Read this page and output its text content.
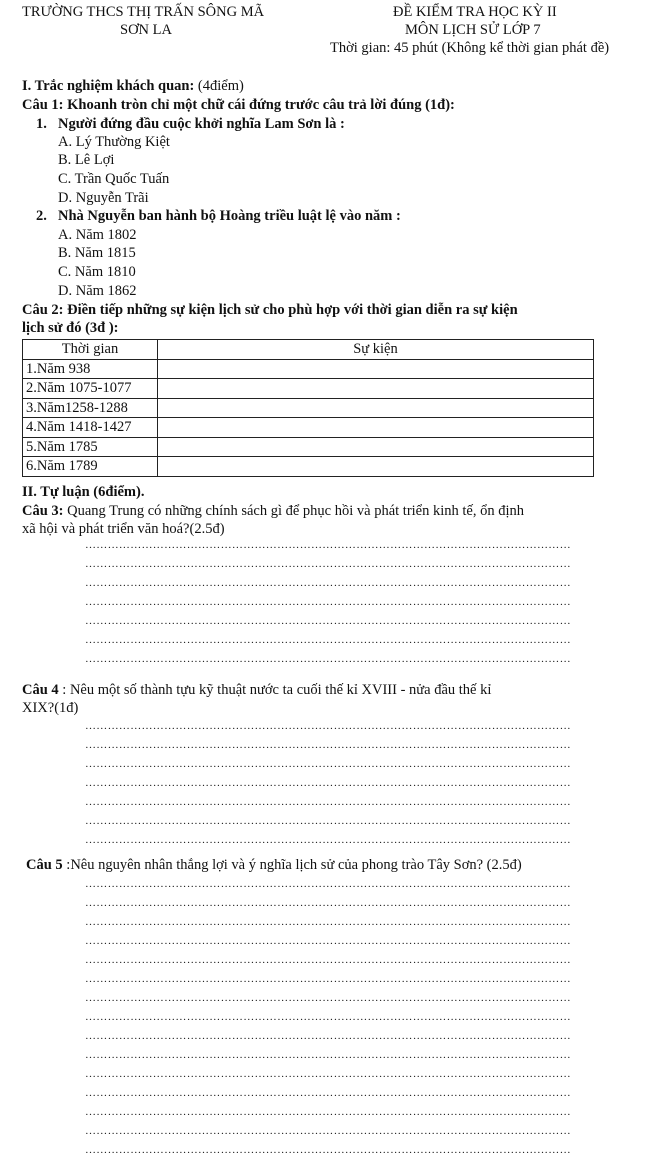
TRƯỜNG THCS THỊ TRẤN SÔNG MÃ
SƠN LA
ĐỀ KIỂM TRA HỌC KỲ II
MÔN LỊCH SỬ LỚP 7
Thời gian: 45 phút (Không kể thời gian phát đề)
I. Trắc nghiệm khách quan: (4điểm)
Câu 1: Khoanh tròn chỉ một chữ cái đứng trước câu trả lời đúng (1đ):
1. Người đứng đầu cuộc khởi nghĩa Lam Sơn là :
A. Lý Thường Kiệt
B. Lê Lợi
C. Trần Quốc Tuấn
D. Nguyễn Trãi
2. Nhà Nguyễn ban hành bộ Hoàng triều luật lệ vào năm :
A. Năm 1802
B. Năm 1815
C. Năm 1810
D. Năm 1862
Câu 2: Điền tiếp những sự kiện lịch sử cho phù hợp với thời gian diễn ra sự kiện
lịch sử đó (3đ ):
Thời gian	Sự kiện
1.Năm 938	
2.Năm 1075-1077	
3.Năm1258-1288	
4.Năm 1418-1427	
5.Năm 1785	
6.Năm 1789	
II. Tự luận (6điểm).
Câu 3: Quang Trung có những chính sách gì để phục hồi và phát triển kinh tế, ổn định
xã hội và phát triển văn hoá?(2.5đ)
…………………………………………………………………………………………………………………
…………………………………………………………………………………………………………………
…………………………………………………………………………………………………………………
…………………………………………………………………………………………………………………
…………………………………………………………………………………………………………………
…………………………………………………………………………………………………………………
…………………………………………………………………………………………………………………
Câu 4 : Nêu một số thành tựu kỹ thuật nước ta cuối thế kỉ XVIII - nửa đầu thế kỉ
XIX?(1đ)
…………………………………………………………………………………………………………………
…………………………………………………………………………………………………………………
…………………………………………………………………………………………………………………
…………………………………………………………………………………………………………………
…………………………………………………………………………………………………………………
…………………………………………………………………………………………………………………
…………………………………………………………………………………………………………………
Câu 5 :Nêu nguyên nhân thắng lợi và ý nghĩa lịch sử của phong trào Tây Sơn? (2.5đ)
…………………………………………………………………………………………………………………
…………………………………………………………………………………………………………………
…………………………………………………………………………………………………………………
…………………………………………………………………………………………………………………
…………………………………………………………………………………………………………………
…………………………………………………………………………………………………………………
…………………………………………………………………………………………………………………
…………………………………………………………………………………………………………………
…………………………………………………………………………………………………………………
…………………………………………………………………………………………………………………
…………………………………………………………………………………………………………………
…………………………………………………………………………………………………………………
…………………………………………………………………………………………………………………
…………………………………………………………………………………………………………………
…………………………………………………………………………………………………………………
